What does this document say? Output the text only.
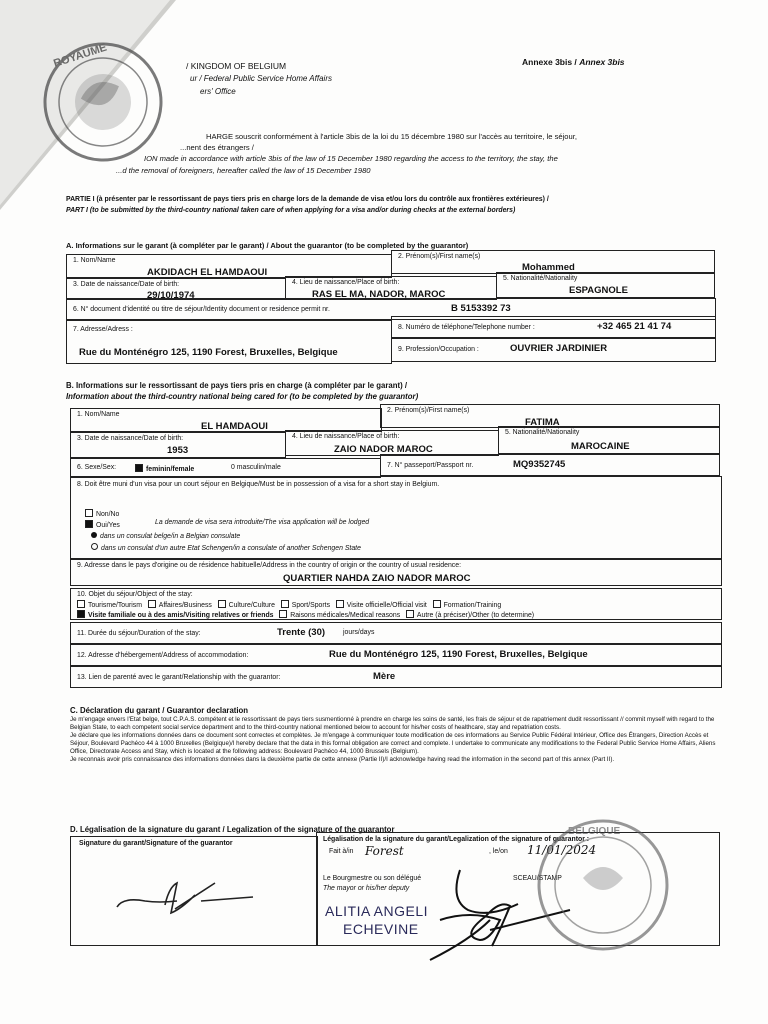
ROYAUME	/ KINGDOM OF BELGIUM
ur / Federal Public Service Home Affairs
ers' Office
Annexe 3bis / Annex 3bis
HARGE souscrit conformément à l'article 3bis de la loi du 15 décembre 1980 sur l'accès au territoire, le séjour,
...nent des étrangers /
ION made in accordance with article 3bis of the law of 15 December 1980 regarding the access to the territory, the stay, the
...d the removal of foreigners, hereafter called the law of 15 December 1980
PARTIE I (à présenter par le ressortissant de pays tiers pris en charge lors de la demande de visa et/ou lors du contrôle aux frontières extérieures) /
PART I (to be submitted by the third-country national taken care of when applying for a visa and/or during checks at the external borders)
A. Informations sur le garant (à compléter par le garant) / About the guarantor (to be completed by the guarantor)
1. Nom/Name
AKDIDACH EL HAMDAOUI
2. Prénom(s)/First name(s)
Mohammed
3. Date de naissance/Date of birth:
29/10/1974
4. Lieu de naissance/Place of birth:
RAS EL MA, NADOR, MAROC
5. Nationalité/Nationality
ESPAGNOLE
6. N° document d'identité ou titre de séjour/Identity document or residence permit nr.	B 5153392 73
7. Adresse/Adress :
Rue du Monténégro 125, 1190 Forest, Bruxelles, Belgique
8. Numéro de téléphone/Telephone number :	+32 465 21 41 74
9. Profession/Occupation :	OUVRIER JARDINIER
B. Informations sur le ressortissant de pays tiers pris en charge (à compléter par le garant) /
Information about the third-country national being cared for (to be completed by the guarantor)
1. Nom/Name
EL HAMDAOUI
2. Prénom(s)/First name(s)
FATIMA
3. Date de naissance/Date of birth:
1953
4. Lieu de naissance/Place of birth:
ZAIO NADOR MAROC
5. Nationalité/Nationality
MAROCAINE
6. Sexe/Sex:	feminin/female	0 masculin/male	7. N° passeport/Passport nr.	MQ9352745
8. Doit être muni d'un visa pour un court séjour en Belgique/Must be in possession of a visa for a short stay in Belgium.
Non/No
Oui/Yes	La demande de visa sera introduite/The visa application will be lodged
dans un consulat belge/in a Belgian consulate
dans un consulat d'un autre Etat Schengen/in a consulate of another Schengen State
9. Adresse dans le pays d'origine ou de résidence habituelle/Address in the country of origin or the country of usual residence:
QUARTIER NAHDA ZAIO NADOR MAROC
10. Objet du séjour/Object of the stay:
Tourisme/Tourism Affaires/Business Culture/Culture Sport/Sports Visite officielle/Official visit Formation/Training
Visite familiale ou à des amis/Visiting relatives or friends Raisons médicales/Medical reasons Autre (à préciser)/Other (to determine)
11. Durée du séjour/Duration of the stay:	Trente (30)	jours/days
12. Adresse d'hébergement/Address of accommodation:	Rue du Monténégro 125, 1190 Forest, Bruxelles, Belgique
13. Lien de parenté avec le garant/Relationship with the guarantor:	Mère
C. Déclaration du garant / Guarantor declaration
Je m'engage envers l'Etat belge, tout C.P.A.S. compétent et le ressortissant de pays tiers susmentionné à prendre en charge les soins de santé, les frais de séjour et de rapatriement dudit ressortissant // commit myself with regard to the Belgian State, to each competent social service department and to the third-country national mentioned below to account for his/her costs of healthcare, stay and repatriation costs.
Je déclare que les informations données dans ce document sont correctes et complètes. Je m'engage à communiquer toute modification de ces informations au Service Public Fédéral Intérieur, Office des Étrangers, Direction Accès et Séjour, Boulevard Pachéco 44 à 1000 Bruxelles (Belgique)/I hereby declare that the data in this formal obligation are correct and complete. I undertake to communicate any modifications to the Federal Public Service Home Affairs, Aliens Office, Directorate Access and Stay, which is located at the following address: Boulevard Pachéco 44, 1000 Brussels (Belgium).
Je reconnais avoir pris connaissance des informations données dans la deuxième partie de cette annexe (Partie II)/I acknowledge having read the information in the second part of this annex (Part II).
D. Légalisation de la signature du garant / Legalization of the signature of the guarantor
Signature du garant/Signature of the guarantor
Légalisation de la signature du garant/Legalization of the signature of guarantor :
Fait à/in Forest	, le/on 11/01/2024
Le Bourgmestre ou son délégué
The mayor or his/her deputy
SCEAU/STAMP
ALITIA ANGELI
ECHEVINE
BELGIQUE
